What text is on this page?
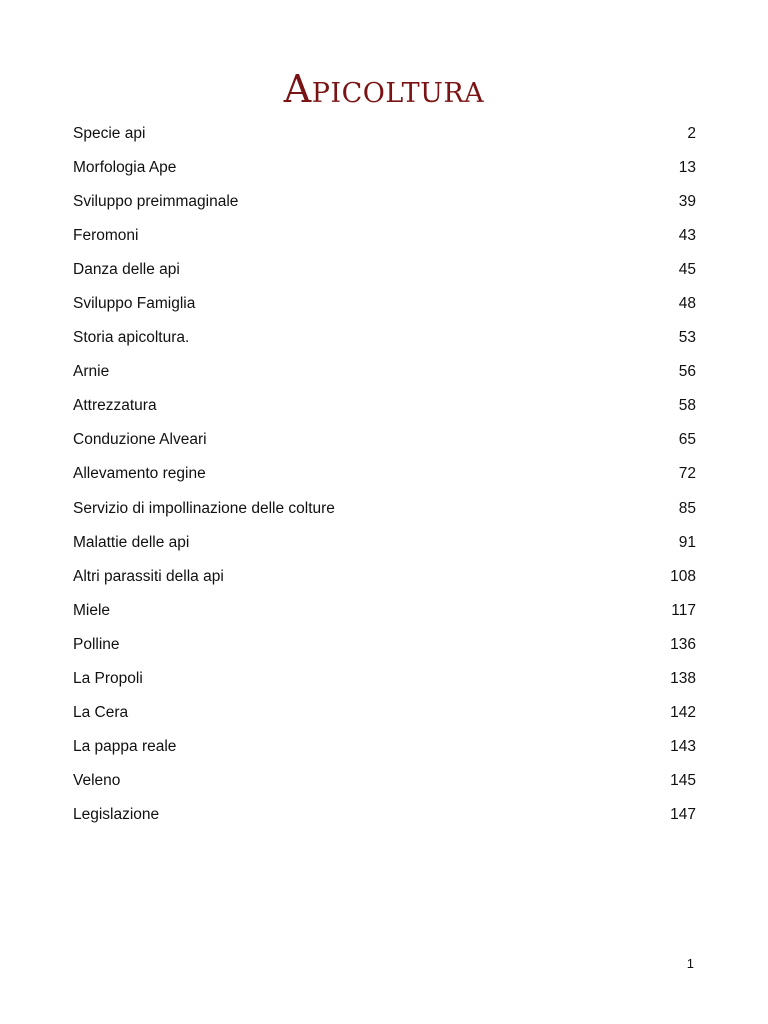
Apicoltura
Specie api	2
Morfologia Ape	13
Sviluppo preimmaginale	39
Feromoni	43
Danza delle api	45
Sviluppo Famiglia	48
Storia apicoltura.	53
Arnie	56
Attrezzatura	58
Conduzione Alveari	65
Allevamento regine	72
Servizio di impollinazione delle colture	85
Malattie delle api	91
Altri parassiti della api	108
Miele	117
Polline	136
La Propoli	138
La Cera	142
La pappa reale	143
Veleno	145
Legislazione	147
1
